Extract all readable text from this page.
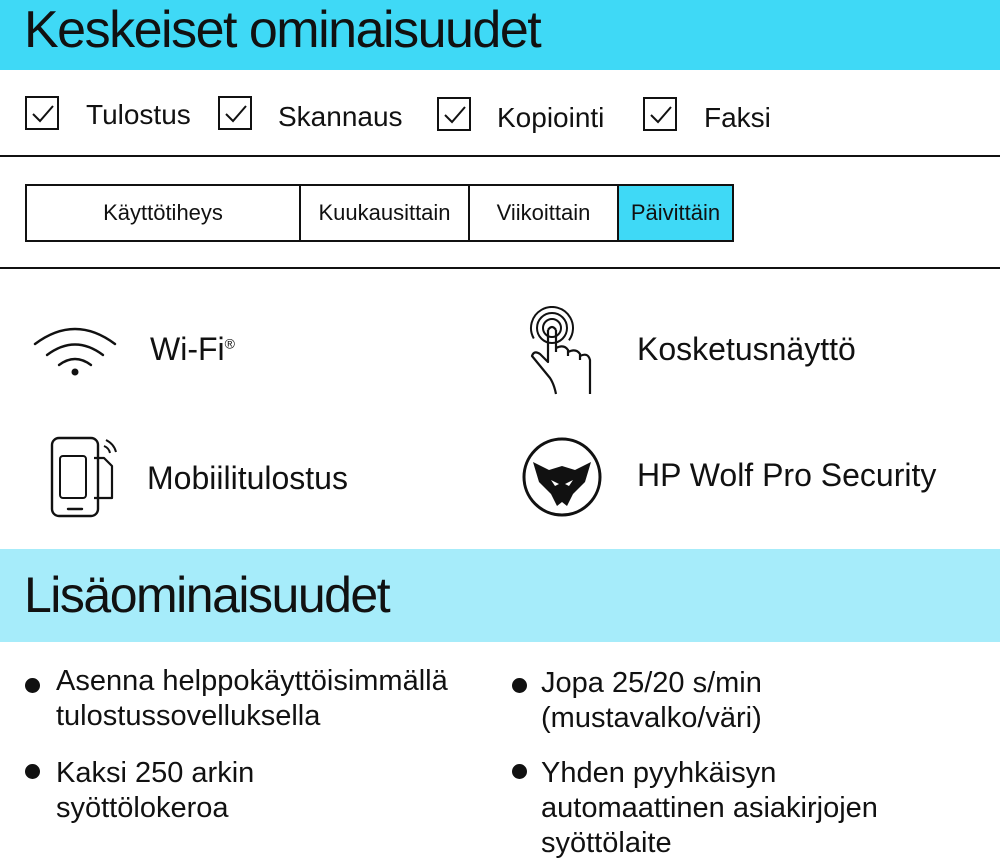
Keskeiset ominaisuudet
Tulostus	Skannaus	Kopiointi	Faksi
Käyttötiheys	Kuukausittain	Viikoittain	Päivittäin
Wi-Fi®	Kosketusnäyttö
Mobiilitulostus	HP Wolf Pro Security
Lisäominaisuudet
Asenna helppokäyttöisimmällä
tulostussovelluksella
Jopa 25/20 s/min
(mustavalko/väri)
Kaksi 250 arkin
syöttölokeroa
Yhden pyyhkäisyn
automaattinen asiakirjojen
syöttölaite
